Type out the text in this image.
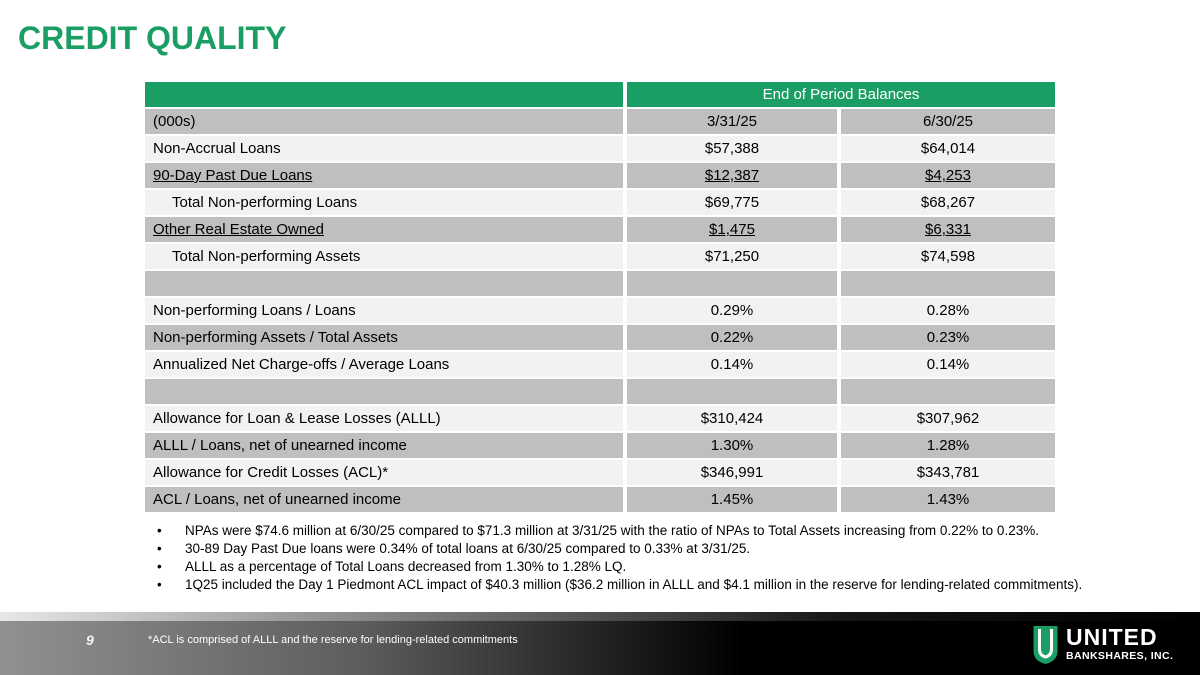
CREDIT QUALITY
End of Period Balances
(000s)	3/31/25	6/30/25
Non-Accrual Loans	$57,388	$64,014
90-Day Past Due Loans	$12,387	$4,253
Total Non-performing Loans	$69,775	$68,267
Other Real Estate Owned	$1,475	$6,331
Total Non-performing Assets	$71,250	$74,598
Non-performing Loans / Loans	0.29%	0.28%
Non-performing Assets / Total Assets	0.22%	0.23%
Annualized Net Charge-offs / Average Loans	0.14%	0.14%
Allowance for Loan & Lease Losses (ALLL)	$310,424	$307,962
ALLL / Loans, net of unearned income	1.30%	1.28%
Allowance for Credit Losses (ACL)*	$346,991	$343,781
ACL / Loans, net of unearned income	1.45%	1.43%
• NPAs were $74.6 million at 6/30/25 compared to $71.3 million at 3/31/25 with the ratio of NPAs to Total Assets increasing from 0.22% to 0.23%.
• 30-89 Day Past Due loans were 0.34% of total loans at 6/30/25 compared to 0.33% at 3/31/25.
• ALLL as a percentage of Total Loans decreased from 1.30% to 1.28% LQ.
• 1Q25 included the Day 1 Piedmont ACL impact of $40.3 million ($36.2 million in ALLL and $4.1 million in the reserve for lending-related commitments).
9	*ACL is comprised of ALLL and the reserve for lending-related commitments	UNITED
BANKSHARES, INC.
